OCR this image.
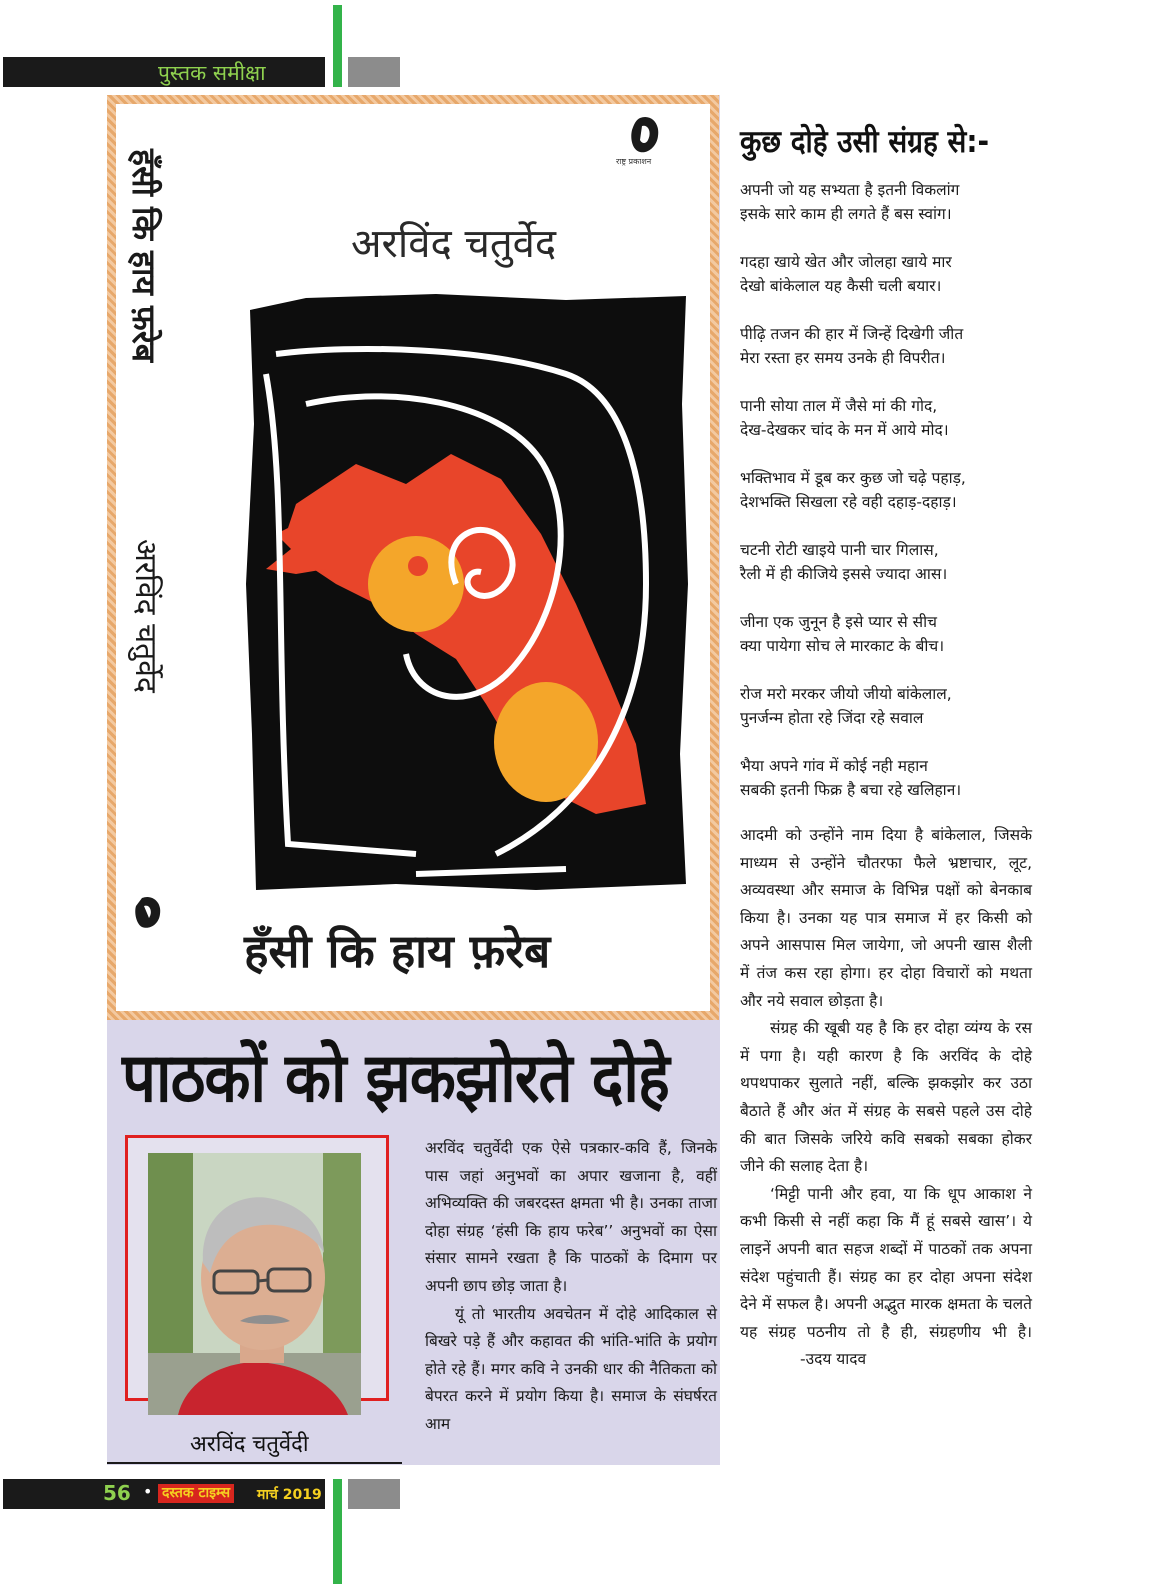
पुस्तक समीक्षा
राष्ट्र प्रकाशन
अरविंद चतुर्वेद
हँसी कि हाय फ़रेब
हँसी कि हाय फ़रेब
अरविंद चतुर्वेद
पाठकों को झकझोरते दोहे
अरविंद चतुर्वेदी

अरविंद चतुर्वेदी एक ऐसे पत्रकार-कवि हैं, जिनके पास जहां अनुभवों का अपार खजाना है, वहीं अभिव्यक्ति की जबरदस्त क्षमता भी है। उनका ताजा दोहा संग्रह ‘हंसी कि हाय फरेब’’ अनुभवों का ऐसा संसार सामने रखता है कि पाठकों के दिमाग पर अपनी छाप छोड़ जाता है।

यूं तो भारतीय अवचेतन में दोहे आदिकाल से बिखरे पड़े हैं और कहावत की भांति-भांति के प्रयोग होते रहे हैं। मगर कवि ने उनकी धार की नैतिकता को बेपरत करने में प्रयोग किया है। समाज के संघर्षरत आम

कुछ दोहे उसी संग्रह से:-
अपनी जो यह सभ्यता है इतनी विकलांग
इसके सारे काम ही लगते हैं बस स्वांग।
गदहा खाये खेत और जोलहा खाये मार
देखो बांकेलाल यह कैसी चली बयार।
पीढ़ि तजन की हार में जिन्हें दिखेगी जीत
मेरा रस्ता हर समय उनके ही विपरीत।
पानी सोया ताल में जैसे मां की गोद,
देख-देखकर चांद के मन में आये मोद।
भक्तिभाव में डूब कर कुछ जो चढ़े पहाड़,
देशभक्ति सिखला रहे वही दहाड़-दहाड़।
चटनी रोटी खाइये पानी चार गिलास,
रैली में ही कीजिये इससे ज्यादा आस।
जीना एक जुनून है इसे प्यार से सीच
क्या पायेगा सोच ले मारकाट के बीच।
रोज मरो मरकर जीयो जीयो बांकेलाल,
पुनर्जन्म होता रहे जिंदा रहे सवाल
भैया अपने गांव में कोई नही महान
सबकी इतनी फिक्र है बचा रहे खलिहान।

आदमी को उन्होंने नाम दिया है बांकेलाल, जिसके माध्यम से उन्होंने चौतरफा फैले भ्रष्टाचार, लूट, अव्यवस्था और समाज के विभिन्न पक्षों को बेनकाब किया है। उनका यह पात्र समाज में हर किसी को अपने आसपास मिल जायेगा, जो अपनी खास शैली में तंज कस रहा होगा। हर दोहा विचारों को मथता और नये सवाल छोड़ता है।

संग्रह की खूबी यह है कि हर दोहा व्यंग्य के रस में पगा है। यही कारण है कि अरविंद के दोहे थपथपाकर सुलाते नहीं, बल्कि झकझोर कर उठा बैठाते हैं और अंत में संग्रह के सबसे पहले उस दोहे की बात जिसके जरिये कवि सबको सबका होकर जीने की सलाह देता है।

‘मिट्टी पानी और हवा, या कि धूप आकाश ने कभी किसी से नहीं कहा कि मैं हूं सबसे खास’। ये लाइनें अपनी बात सहज शब्दों में पाठकों तक अपना संदेश पहुंचाती हैं। संग्रह का हर दोहा अपना संदेश देने में सफल है। अपनी अद्भुत मारक क्षमता के चलते यह संग्रह पठनीय तो है ही, संग्रहणीय भी है।-उदय यादव

56 • दस्तक टाइम्स मार्च 2019
